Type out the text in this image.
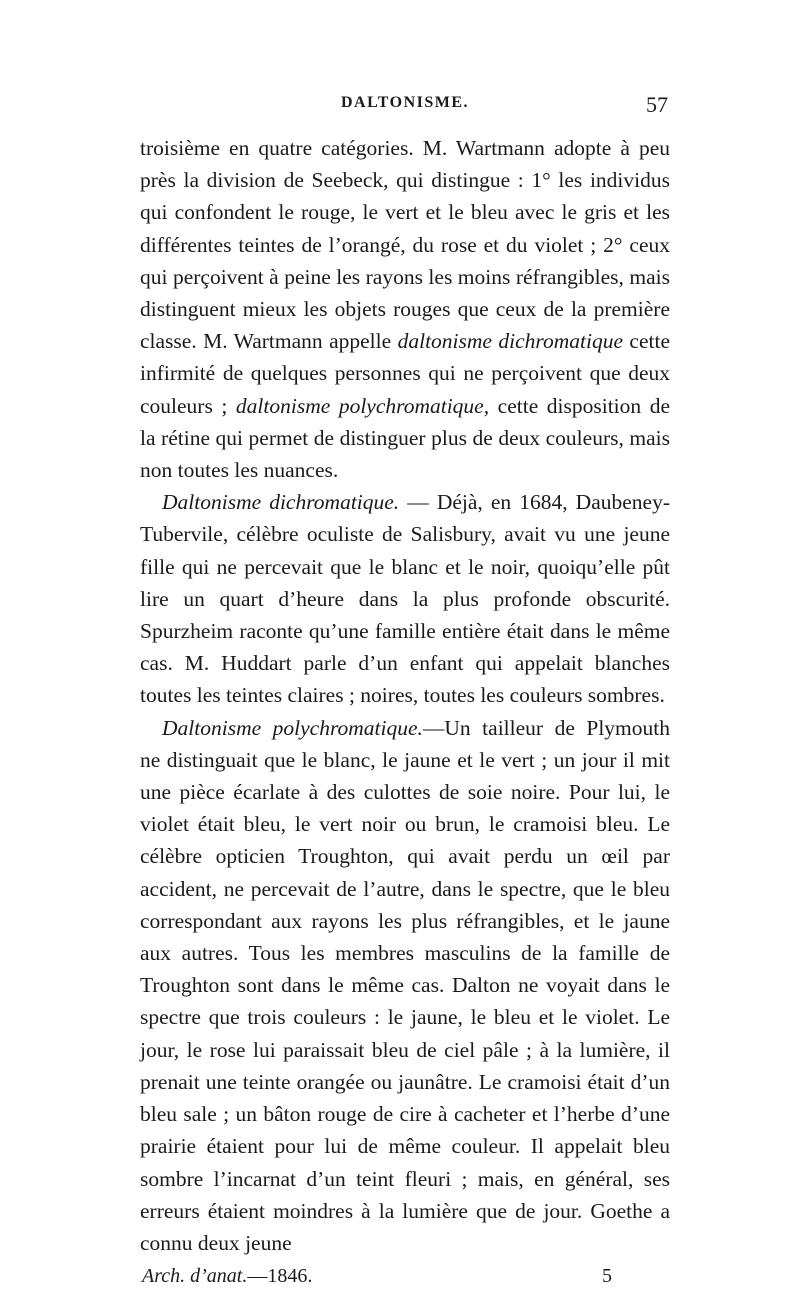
DALTONISME.	57

troisième en quatre catégories. M. Wartmann adopte à peu près la division de Seebeck, qui distingue : 1° les individus qui confondent le rouge, le vert et le bleu avec le gris et les différentes teintes de l’orangé, du rose et du violet ; 2° ceux qui perçoivent à peine les rayons les moins réfrangibles, mais distinguent mieux les objets rouges que ceux de la première classe. M. Wartmann appelle daltonisme dichromatique cette infirmité de quelques personnes qui ne perçoivent que deux couleurs ; daltonisme polychromatique, cette disposition de la rétine qui permet de distinguer plus de deux couleurs, mais non toutes les nuances.

Daltonisme dichromatique. — Déjà, en 1684, Daubeney-Tubervile, célèbre oculiste de Salisbury, avait vu une jeune fille qui ne percevait que le blanc et le noir, quoiqu’elle pût lire un quart d’heure dans la plus profonde obscurité. Spurzheim raconte qu’une famille entière était dans le même cas. M. Huddart parle d’un enfant qui appelait blanches toutes les teintes claires ; noires, toutes les couleurs sombres.

Daltonisme polychromatique.—Un tailleur de Plymouth ne distinguait que le blanc, le jaune et le vert ; un jour il mit une pièce écarlate à des culottes de soie noire. Pour lui, le violet était bleu, le vert noir ou brun, le cramoisi bleu. Le célèbre opticien Troughton, qui avait perdu un œil par accident, ne percevait de l’autre, dans le spectre, que le bleu correspondant aux rayons les plus réfrangibles, et le jaune aux autres. Tous les membres masculins de la famille de Troughton sont dans le même cas. Dalton ne voyait dans le spectre que trois couleurs : le jaune, le bleu et le violet. Le jour, le rose lui paraissait bleu de ciel pâle ; à la lumière, il prenait une teinte orangée ou jaunâtre. Le cramoisi était d’un bleu sale ; un bâton rouge de cire à cacheter et l’herbe d’une prairie étaient pour lui de même couleur. Il appelait bleu sombre l’incarnat d’un teint fleuri ; mais, en général, ses erreurs étaient moindres à la lumière que de jour. Goethe a connu deux jeune

Arch. d’anat.—1846.	5
